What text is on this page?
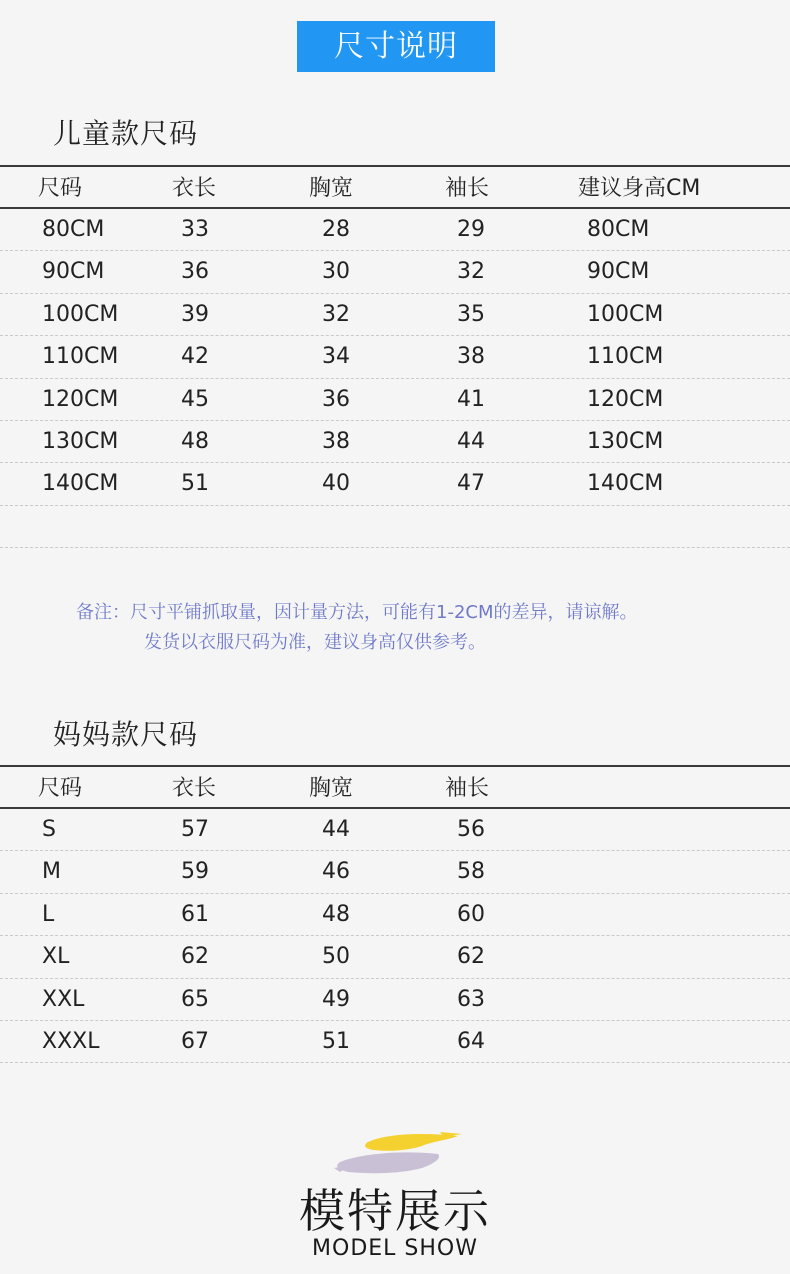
尺寸说明
儿童款尺码
尺码	衣长	胸宽	袖长	建议身高CM
80CM	33	28	29	80CM
90CM	36	30	32	90CM
100CM	39	32	35	100CM
110CM	42	34	38	110CM
120CM	45	36	41	120CM
130CM	48	38	44	130CM
140CM	51	40	47	140CM
备注：尺寸平铺抓取量，因计量方法，可能有1-2CM的差异，请谅解。
发货以衣服尺码为准，建议身高仅供参考。
妈妈款尺码
尺码	衣长	胸宽	袖长
S	57	44	56
M	59	46	58
L	61	48	60
XL	62	50	62
XXL	65	49	63
XXXL	67	51	64
模特展示
MODEL SHOW
